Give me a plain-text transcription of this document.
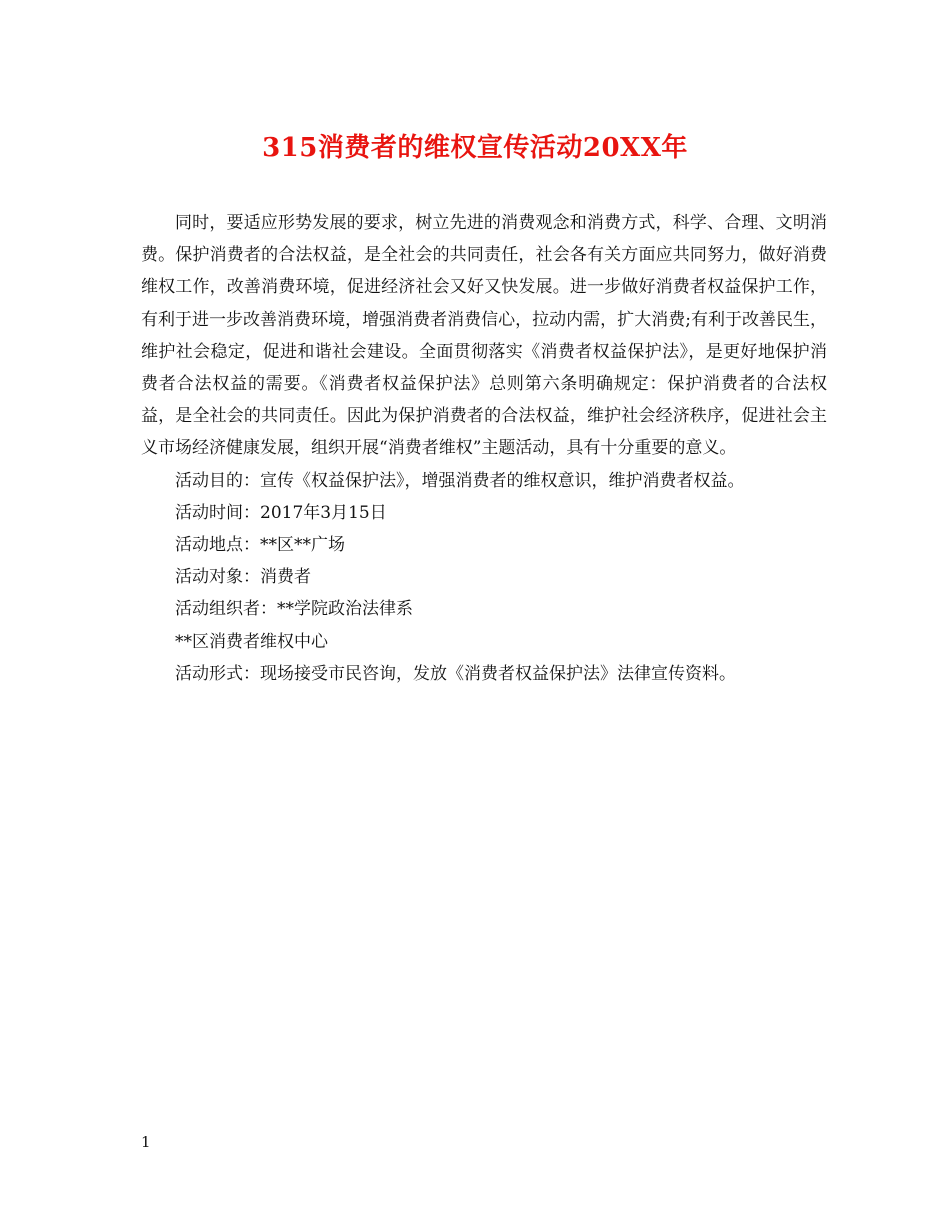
315消费者的维权宣传活动20XX年

同时，要适应形势发展的要求，树立先进的消费观念和消费方式，科学、合理、文明消费。保护消费者的合法权益，是全社会的共同责任，社会各有关方面应共同努力，做好消费维权工作，改善消费环境，促进经济社会又好又快发展。进一步做好消费者权益保护工作，有利于进一步改善消费环境，增强消费者消费信心，拉动内需，扩大消费;有利于改善民生，维护社会稳定，促进和谐社会建设。全面贯彻落实《消费者权益保护法》，是更好地保护消费者合法权益的需要。《消费者权益保护法》总则第六条明确规定：保护消费者的合法权益，是全社会的共同责任。因此为保护消费者的合法权益，维护社会经济秩序，促进社会主义市场经济健康发展，组织开展“消费者维权”主题活动，具有十分重要的意义。

活动目的：宣传《权益保护法》，增强消费者的维权意识，维护消费者权益。

活动时间：2017年3月15日

活动地点：**区**广场

活动对象：消费者

活动组织者：**学院政治法律系

**区消费者维权中心

活动形式：现场接受市民咨询，发放《消费者权益保护法》法律宣传资料。

1
